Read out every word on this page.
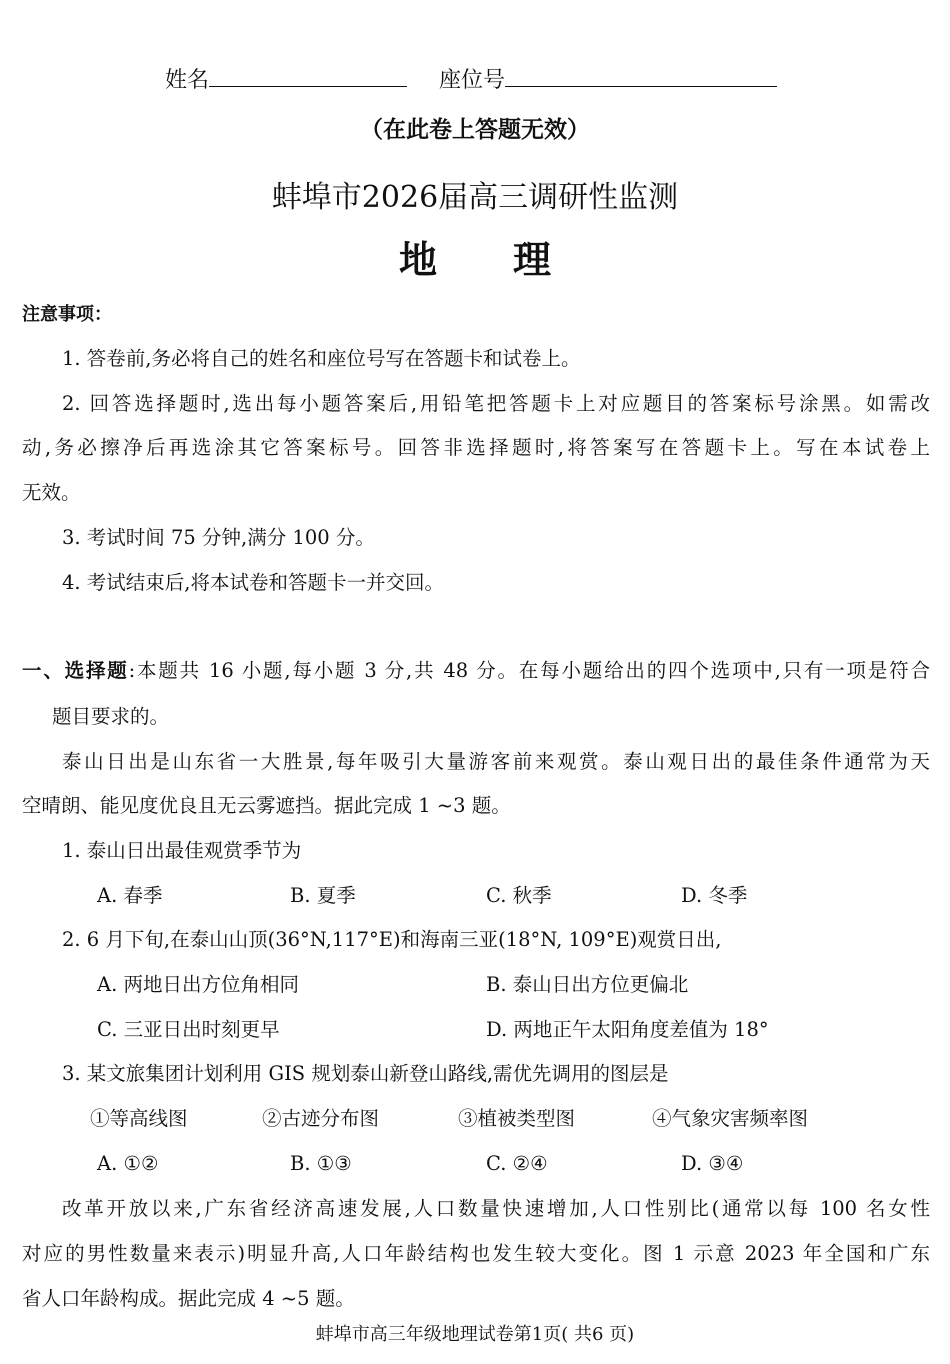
姓名	座位号
（在此卷上答题无效）
蚌埠市2026届高三调研性监测
地　　理
注意事项：
1. 答卷前,务必将自己的姓名和座位号写在答题卡和试卷上。
2. 回答选择题时,选出每小题答案后,用铅笔把答题卡上对应题目的答案标号涂黑。如需改
动,务必擦净后再选涂其它答案标号。回答非选择题时,将答案写在答题卡上。写在本试卷上
无效。
3. 考试时间 75 分钟,满分 100 分。
4. 考试结束后,将本试卷和答题卡一并交回。
一、选择题:本题共 16 小题,每小题 3 分,共 48 分。在每小题给出的四个选项中,只有一项是符合
题目要求的。
泰山日出是山东省一大胜景,每年吸引大量游客前来观赏。泰山观日出的最佳条件通常为天
空晴朗、能见度优良且无云雾遮挡。据此完成 1 ~3 题。
1. 泰山日出最佳观赏季节为
A. 春季	B. 夏季	C. 秋季	D. 冬季
2. 6 月下旬,在泰山山顶(36°N,117°E)和海南三亚(18°N, 109°E)观赏日出,
A. 两地日出方位角相同	B. 泰山日出方位更偏北
C. 三亚日出时刻更早	D. 两地正午太阳角度差值为 18°
3. 某文旅集团计划利用 GIS 规划泰山新登山路线,需优先调用的图层是
①等高线图	②古迹分布图	③植被类型图	④气象灾害频率图
A. ①②	B. ①③	C. ②④	D. ③④
改革开放以来,广东省经济高速发展,人口数量快速增加,人口性别比(通常以每 100 名女性
对应的男性数量来表示)明显升高,人口年龄结构也发生较大变化。图 1 示意 2023 年全国和广东
省人口年龄构成。据此完成 4 ~5 题。
蚌埠市高三年级地理试卷第1页( 共6 页)
